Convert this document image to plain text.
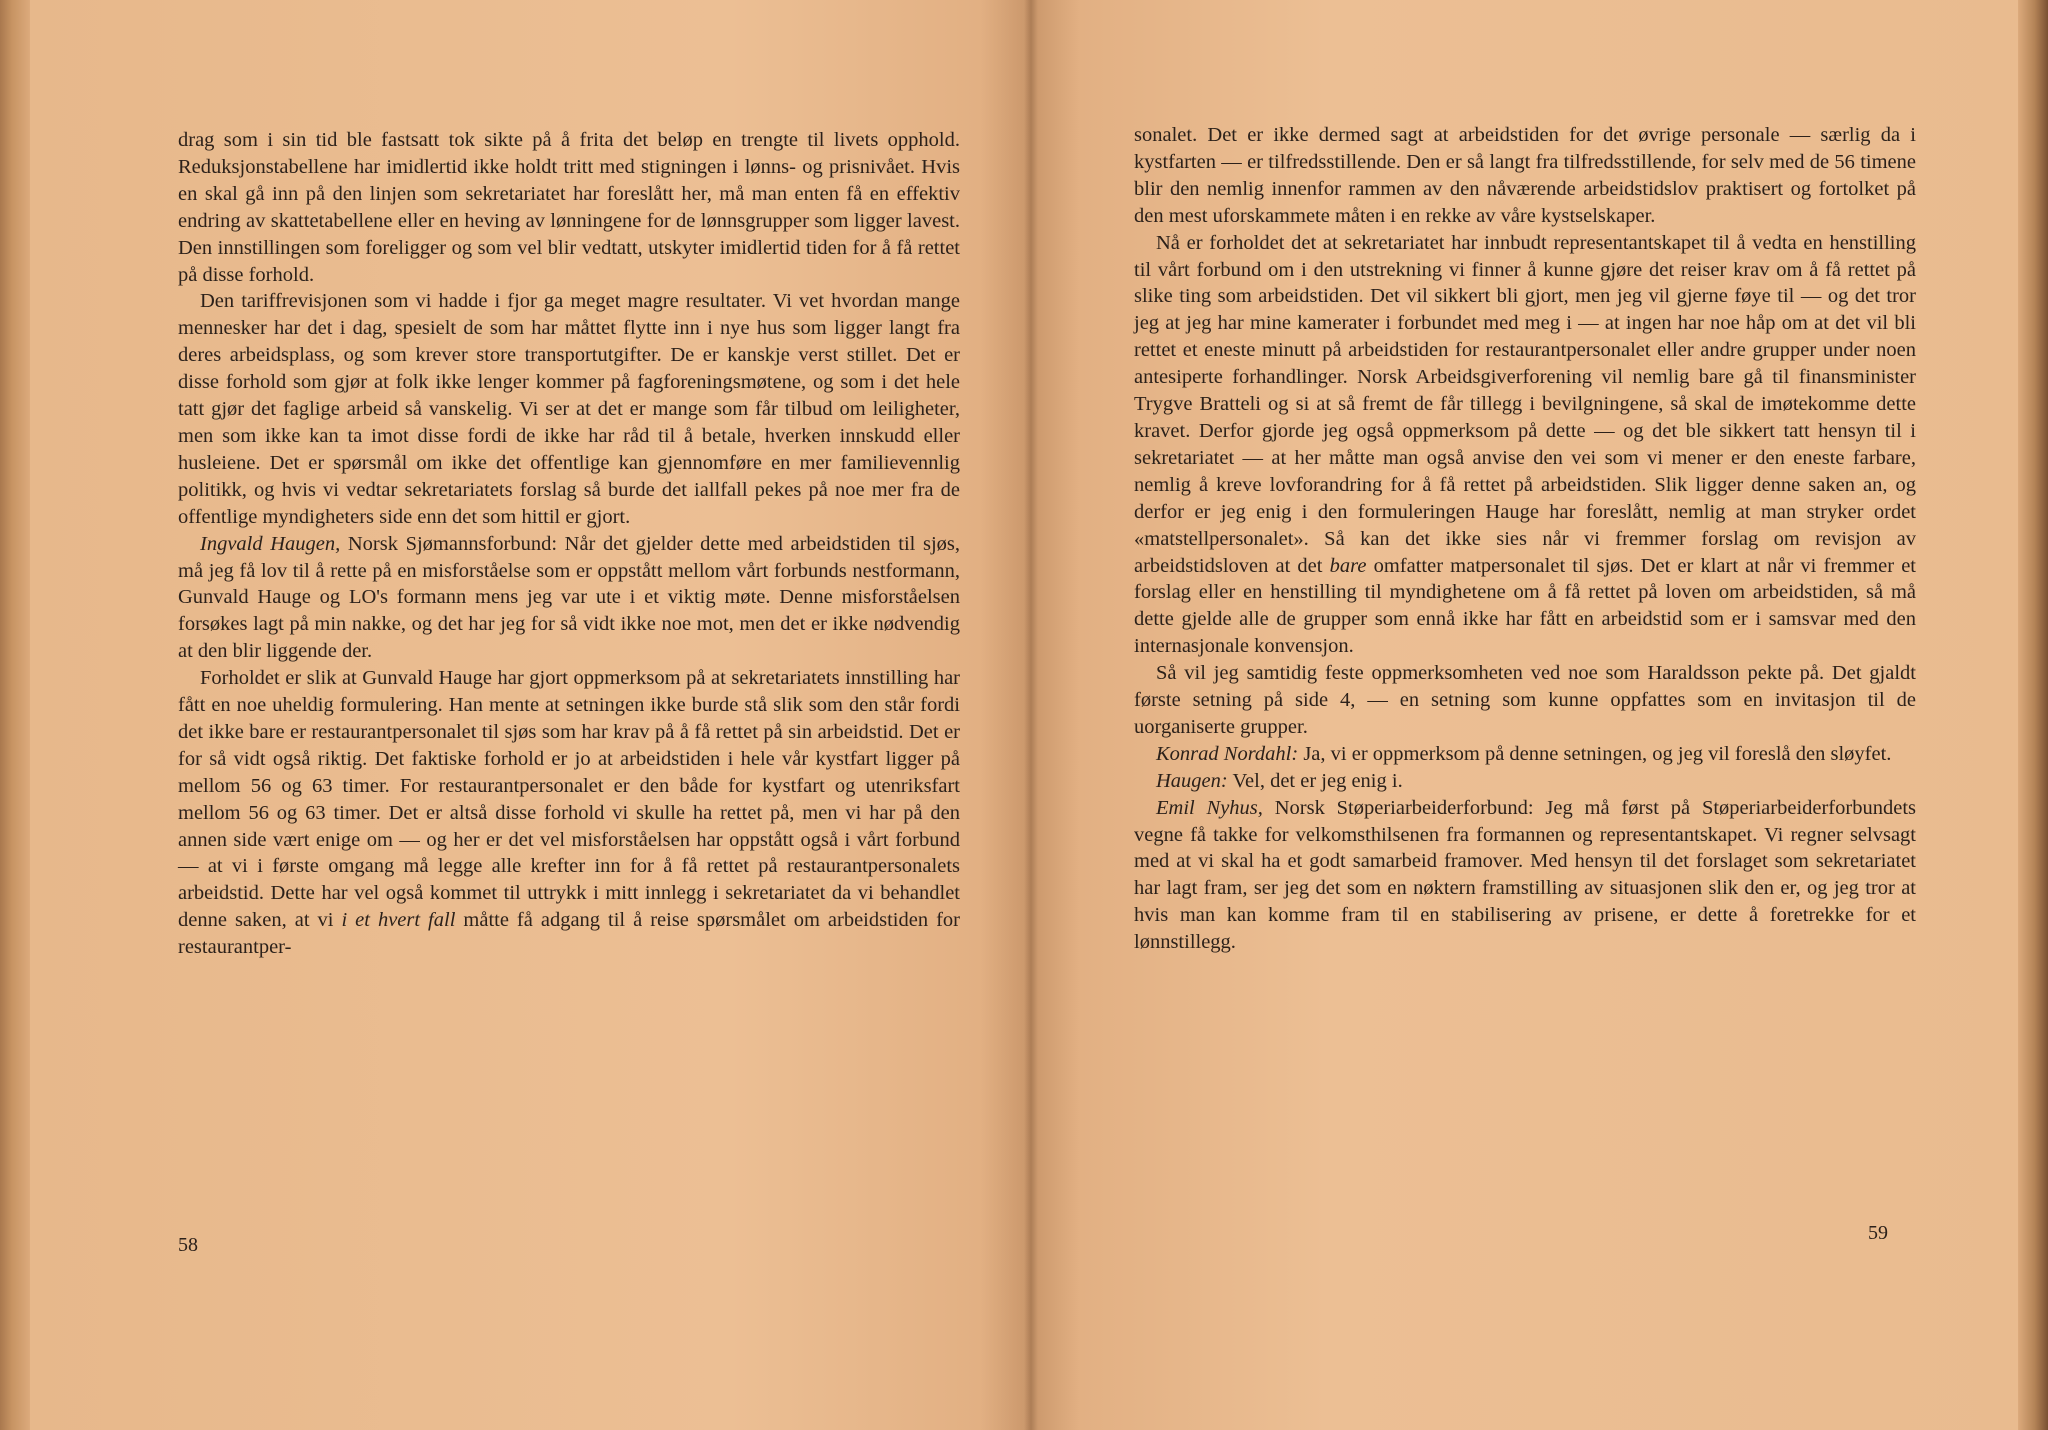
drag som i sin tid ble fastsatt tok sikte på å frita det beløp en trengte til livets opphold. Reduksjonstabellene har imidlertid ikke holdt tritt med stigningen i lønns- og prisnivået. Hvis en skal gå inn på den linjen som sekretariatet har foreslått her, må man enten få en effektiv endring av skattetabellene eller en heving av lønningene for de lønnsgrupper som ligger lavest. Den innstillingen som foreligger og som vel blir vedtatt, utskyter imidlertid tiden for å få rettet på disse forhold.

Den tariffrevisjonen som vi hadde i fjor ga meget magre resultater. Vi vet hvordan mange mennesker har det i dag, spesielt de som har måttet flytte inn i nye hus som ligger langt fra deres arbeidsplass, og som krever store transportutgifter. De er kanskje verst stillet. Det er disse forhold som gjør at folk ikke lenger kommer på fagforeningsmøtene, og som i det hele tatt gjør det faglige arbeid så vanskelig. Vi ser at det er mange som får tilbud om leiligheter, men som ikke kan ta imot disse fordi de ikke har råd til å betale, hverken innskudd eller husleiene. Det er spørsmål om ikke det offentlige kan gjennomføre en mer familievennlig politikk, og hvis vi vedtar sekretariatets forslag så burde det iallfall pekes på noe mer fra de offentlige myndigheters side enn det som hittil er gjort.

Ingvald Haugen, Norsk Sjømannsforbund: Når det gjelder dette med arbeidstiden til sjøs, må jeg få lov til å rette på en misforståelse som er oppstått mellom vårt forbunds nestformann, Gunvald Hauge og LO's formann mens jeg var ute i et viktig møte. Denne misforståelsen forsøkes lagt på min nakke, og det har jeg for så vidt ikke noe mot, men det er ikke nødvendig at den blir liggende der.

Forholdet er slik at Gunvald Hauge har gjort oppmerksom på at sekretariatets innstilling har fått en noe uheldig formulering. Han mente at setningen ikke burde stå slik som den står fordi det ikke bare er restaurantpersonalet til sjøs som har krav på å få rettet på sin arbeidstid. Det er for så vidt også riktig. Det faktiske forhold er jo at arbeidstiden i hele vår kystfart ligger på mellom 56 og 63 timer. For restaurantpersonalet er den både for kystfart og utenriksfart mellom 56 og 63 timer. Det er altså disse forhold vi skulle ha rettet på, men vi har på den annen side vært enige om — og her er det vel misforståelsen har oppstått også i vårt forbund — at vi i første omgang må legge alle krefter inn for å få rettet på restaurantpersonalets arbeidstid. Dette har vel også kommet til uttrykk i mitt innlegg i sekretariatet da vi behandlet denne saken, at vi i et hvert fall måtte få adgang til å reise spørsmålet om arbeidstiden for restaurantper-

58

sonalet. Det er ikke dermed sagt at arbeidstiden for det øvrige personale — særlig da i kystfarten — er tilfredsstillende. Den er så langt fra tilfredsstillende, for selv med de 56 timene blir den nemlig innenfor rammen av den nåværende arbeidstidslov praktisert og fortolket på den mest uforskammete måten i en rekke av våre kystselskaper.

Nå er forholdet det at sekretariatet har innbudt representantskapet til å vedta en henstilling til vårt forbund om i den utstrekning vi finner å kunne gjøre det reiser krav om å få rettet på slike ting som arbeidstiden. Det vil sikkert bli gjort, men jeg vil gjerne føye til — og det tror jeg at jeg har mine kamerater i forbundet med meg i — at ingen har noe håp om at det vil bli rettet et eneste minutt på arbeidstiden for restaurantpersonalet eller andre grupper under noen antesiperte forhandlinger. Norsk Arbeidsgiverforening vil nemlig bare gå til finansminister Trygve Bratteli og si at så fremt de får tillegg i bevilgningene, så skal de imøtekomme dette kravet. Derfor gjorde jeg også oppmerksom på dette — og det ble sikkert tatt hensyn til i sekretariatet — at her måtte man også anvise den vei som vi mener er den eneste farbare, nemlig å kreve lovforandring for å få rettet på arbeidstiden. Slik ligger denne saken an, og derfor er jeg enig i den formuleringen Hauge har foreslått, nemlig at man stryker ordet «matstellpersonalet». Så kan det ikke sies når vi fremmer forslag om revisjon av arbeidstidsloven at det bare omfatter matpersonalet til sjøs. Det er klart at når vi fremmer et forslag eller en henstilling til myndighetene om å få rettet på loven om arbeidstiden, så må dette gjelde alle de grupper som ennå ikke har fått en arbeidstid som er i samsvar med den internasjonale konvensjon.

Så vil jeg samtidig feste oppmerksomheten ved noe som Haraldsson pekte på. Det gjaldt første setning på side 4, — en setning som kunne oppfattes som en invitasjon til de uorganiserte grupper.

Konrad Nordahl: Ja, vi er oppmerksom på denne setningen, og jeg vil foreslå den sløyfet.

Haugen: Vel, det er jeg enig i.

Emil Nyhus, Norsk Støperiarbeiderforbund: Jeg må først på Støperiarbeiderforbundets vegne få takke for velkomsthilsenen fra formannen og representantskapet. Vi regner selvsagt med at vi skal ha et godt samarbeid framover. Med hensyn til det forslaget som sekretariatet har lagt fram, ser jeg det som en nøktern framstilling av situasjonen slik den er, og jeg tror at hvis man kan komme fram til en stabilisering av prisene, er dette å foretrekke for et lønnstillegg.

59
